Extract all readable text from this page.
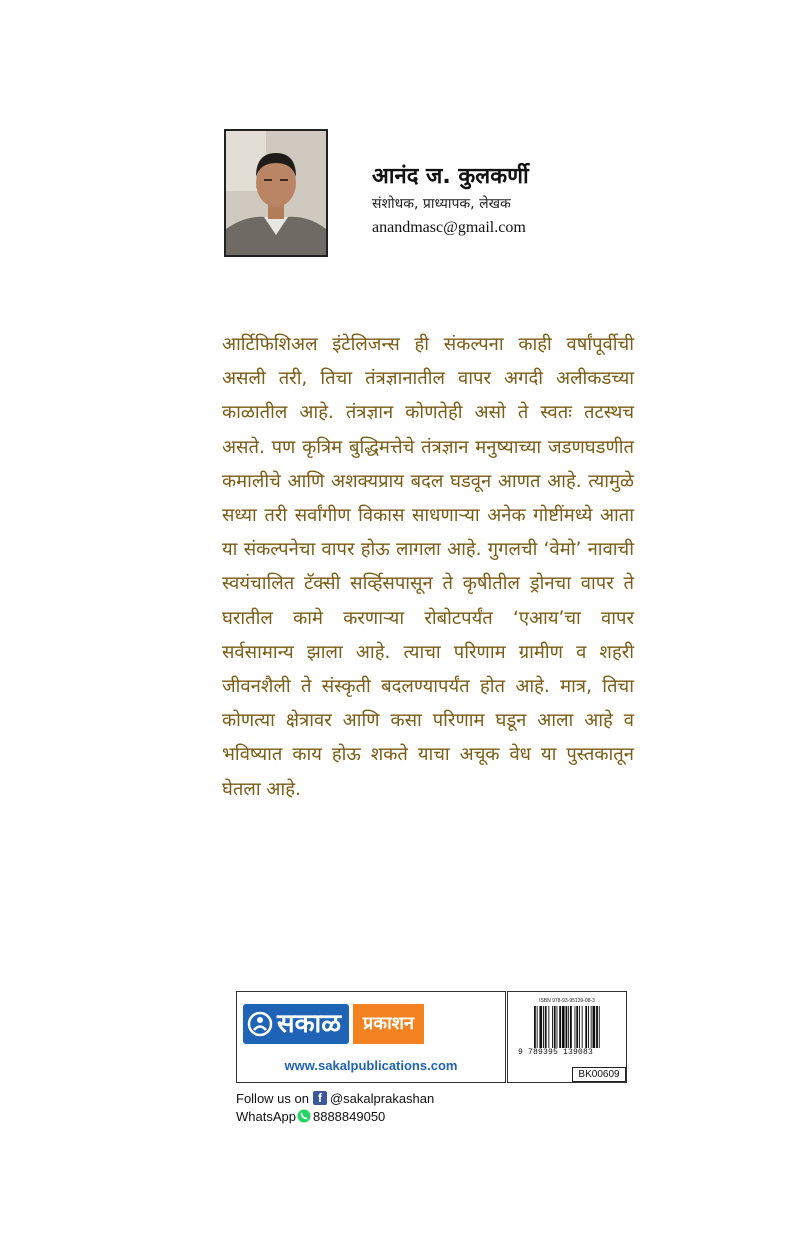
आनंद ज. कुलकर्णी
संशोधक, प्राध्यापक, लेखक
anandmasc@gmail.com

आर्टिफिशिअल इंटेलिजन्स ही संकल्पना काही वर्षांपूर्वीची असली तरी, तिचा तंत्रज्ञानातील वापर अगदी अलीकडच्या काळातील आहे. तंत्रज्ञान कोणतेही असो ते स्वतः तटस्थच असते. पण कृत्रिम बुद्धिमत्तेचे तंत्रज्ञान मनुष्याच्या जडणघडणीत कमालीचे आणि अशक्यप्राय बदल घडवून आणत आहे. त्यामुळे सध्या तरी सर्वांगीण विकास साधणाऱ्या अनेक गोष्टींमध्ये आता या संकल्पनेचा वापर होऊ लागला आहे. गुगलची ‘वेमो’ नावाची स्वयंचालित टॅक्सी सर्व्हिसपासून ते कृषीतील ड्रोनचा वापर ते घरातील कामे करणाऱ्या रोबोटपर्यंत ‘एआय’चा वापर सर्वसामान्य झाला आहे. त्याचा परिणाम ग्रामीण व शहरी जीवनशैली ते संस्कृती बदलण्यापर्यंत होत आहे. मात्र, तिचा कोणत्या क्षेत्रावर आणि कसा परिणाम घडून आला आहे व भविष्यात काय होऊ शकते याचा अचूक वेध या पुस्तकातून घेतला आहे.

सकाळ	प्रकाशन
www.sakalpublications.com
ISBN 978-93-95139-08-3
9 789395 139083
BK00609
Follow us on f @sakalprakashan
WhatsApp 8888849050
